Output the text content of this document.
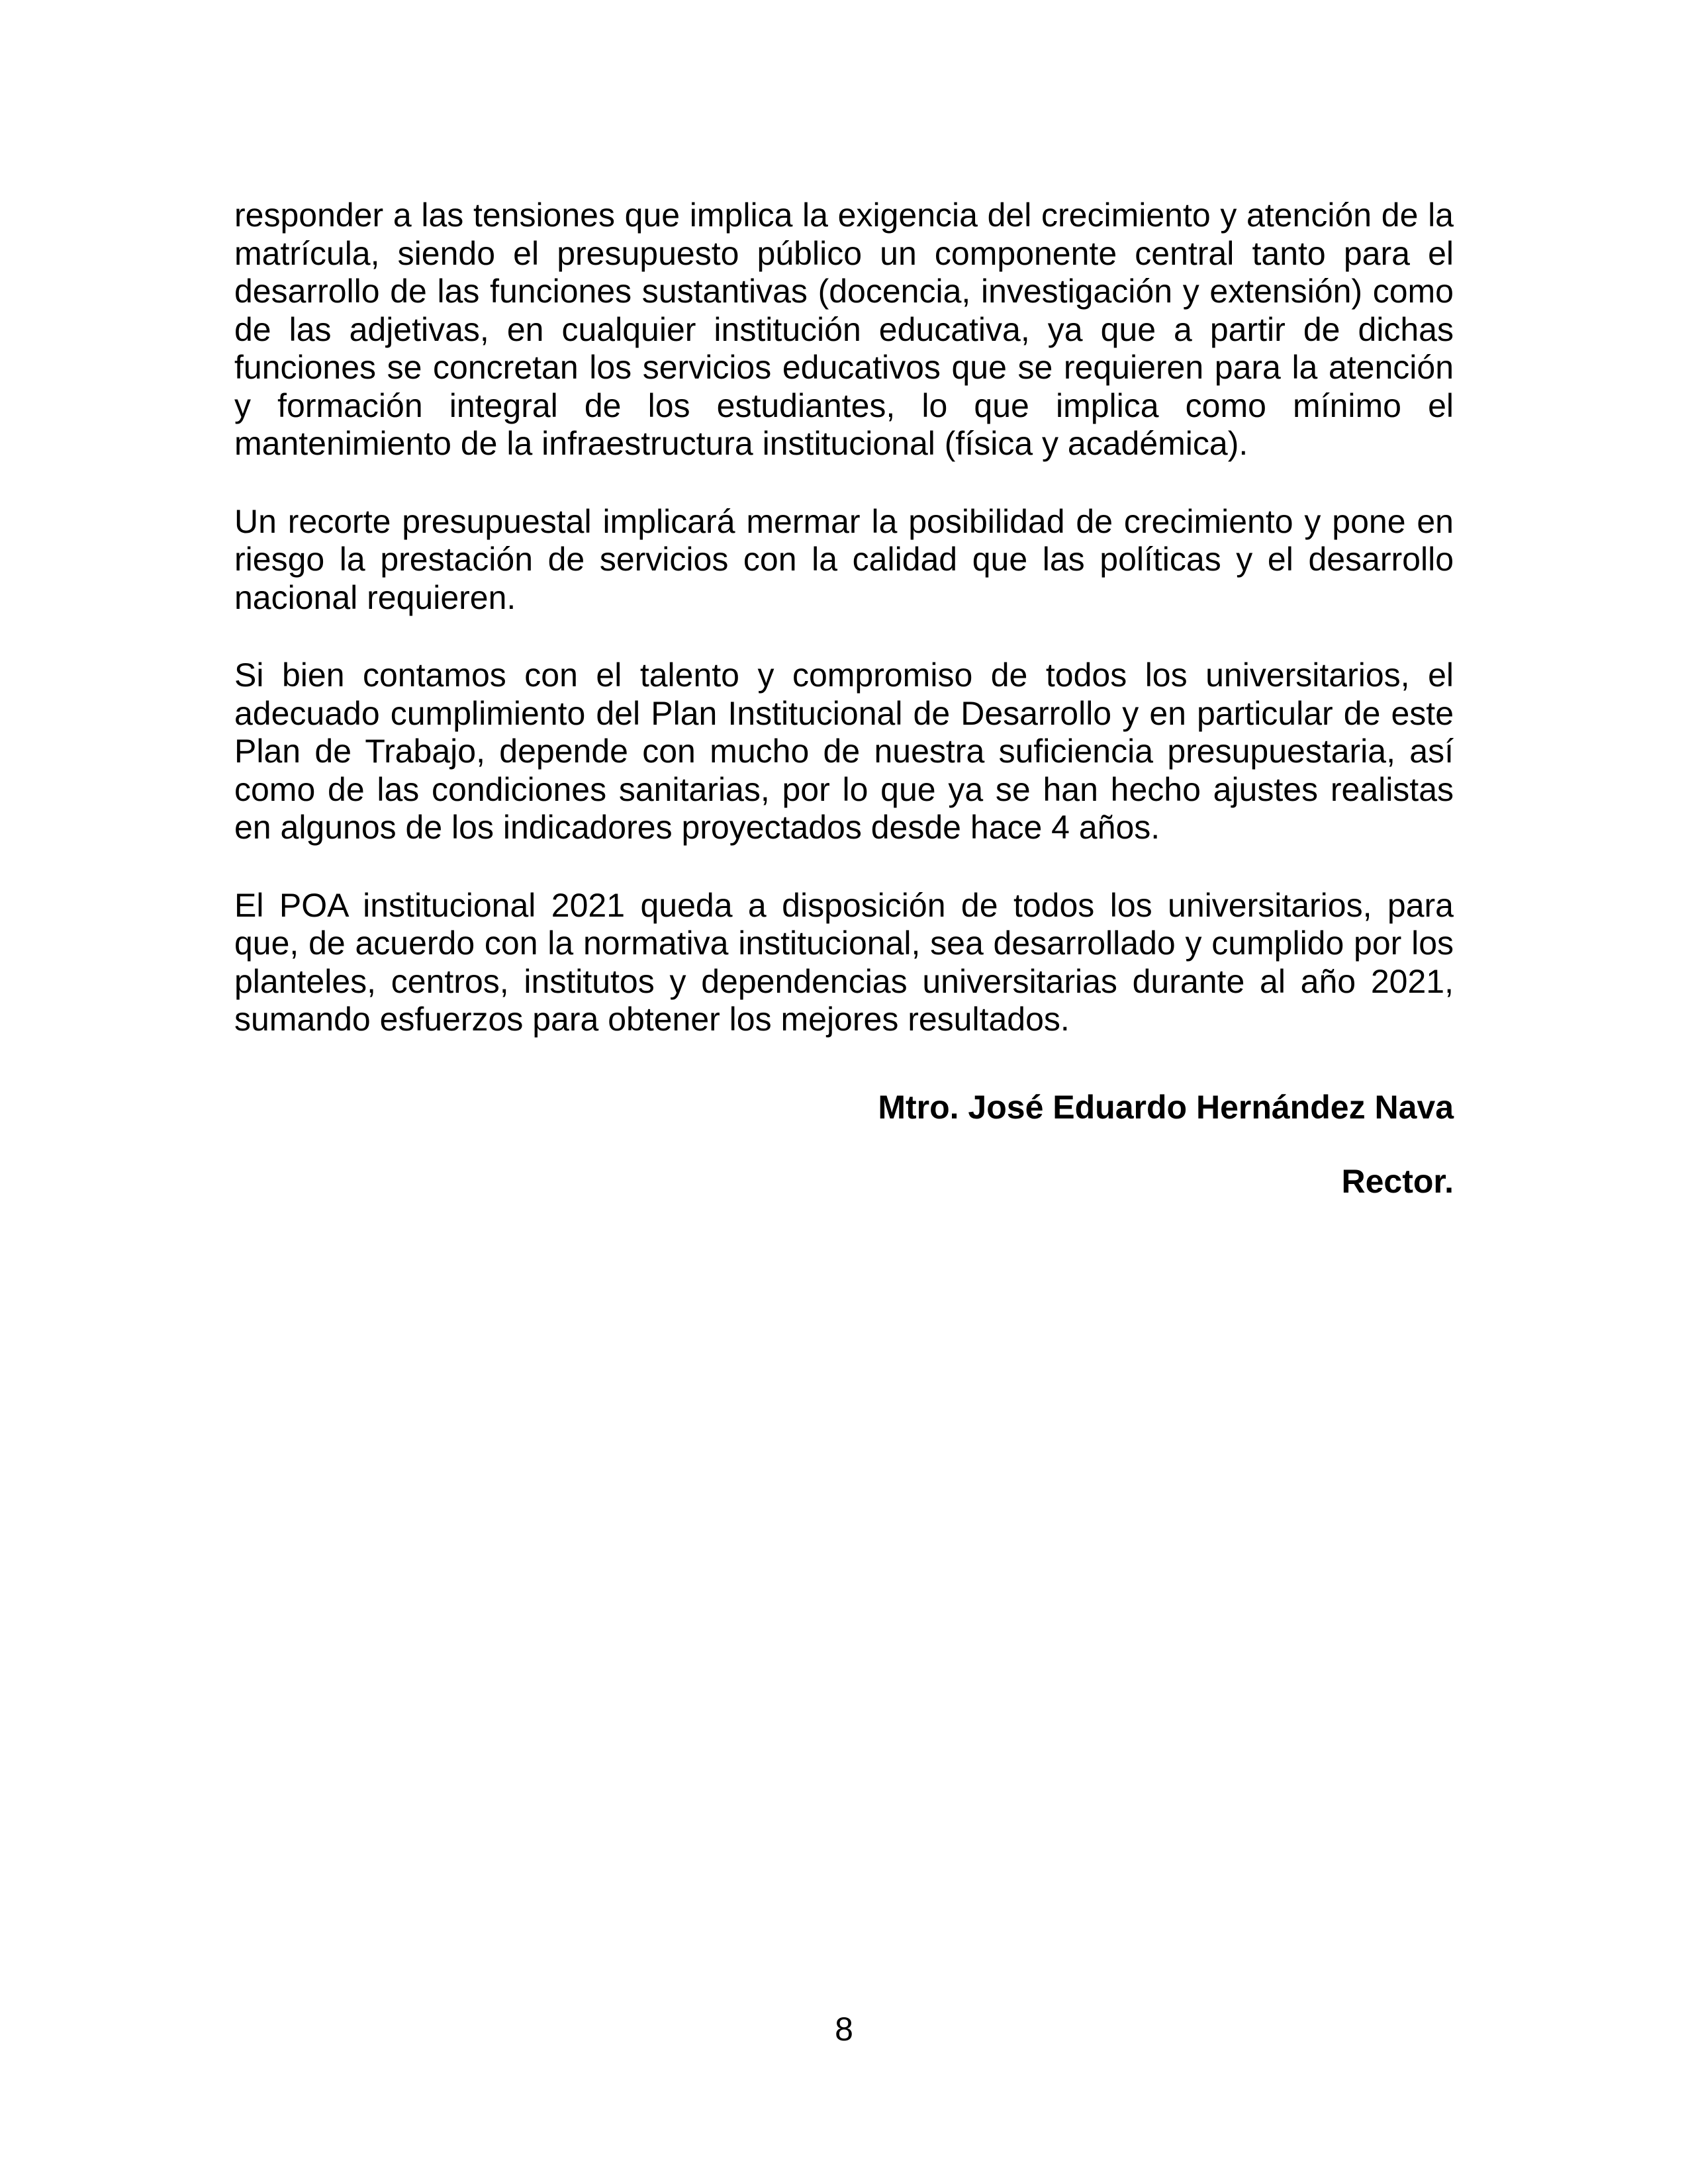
responder a las tensiones que implica la exigencia del crecimiento y atención de la matrícula, siendo el presupuesto público un componente central tanto para el desarrollo de las funciones sustantivas (docencia, investigación y extensión) como de las adjetivas, en cualquier institución educativa, ya que a partir de dichas funciones se concretan los servicios educativos que se requieren para la atención y formación integral de los estudiantes, lo que implica como mínimo el mantenimiento de la infraestructura institucional (física y académica).

Un recorte presupuestal implicará mermar la posibilidad de crecimiento y pone en riesgo la prestación de servicios con la calidad que las políticas y el desarrollo nacional requieren.

Si bien contamos con el talento y compromiso de todos los universitarios, el adecuado cumplimiento del Plan Institucional de Desarrollo y en particular de este Plan de Trabajo, depende con mucho de nuestra suficiencia presupuestaria, así como de las condiciones sanitarias, por lo que ya se han hecho ajustes realistas en algunos de los indicadores proyectados desde hace 4 años.

El POA institucional 2021 queda a disposición de todos los universitarios, para que, de acuerdo con la normativa institucional, sea desarrollado y cumplido por los planteles, centros, institutos y dependencias universitarias durante al año 2021, sumando esfuerzos para obtener los mejores resultados.

Mtro. José Eduardo Hernández Nava

Rector.

8
